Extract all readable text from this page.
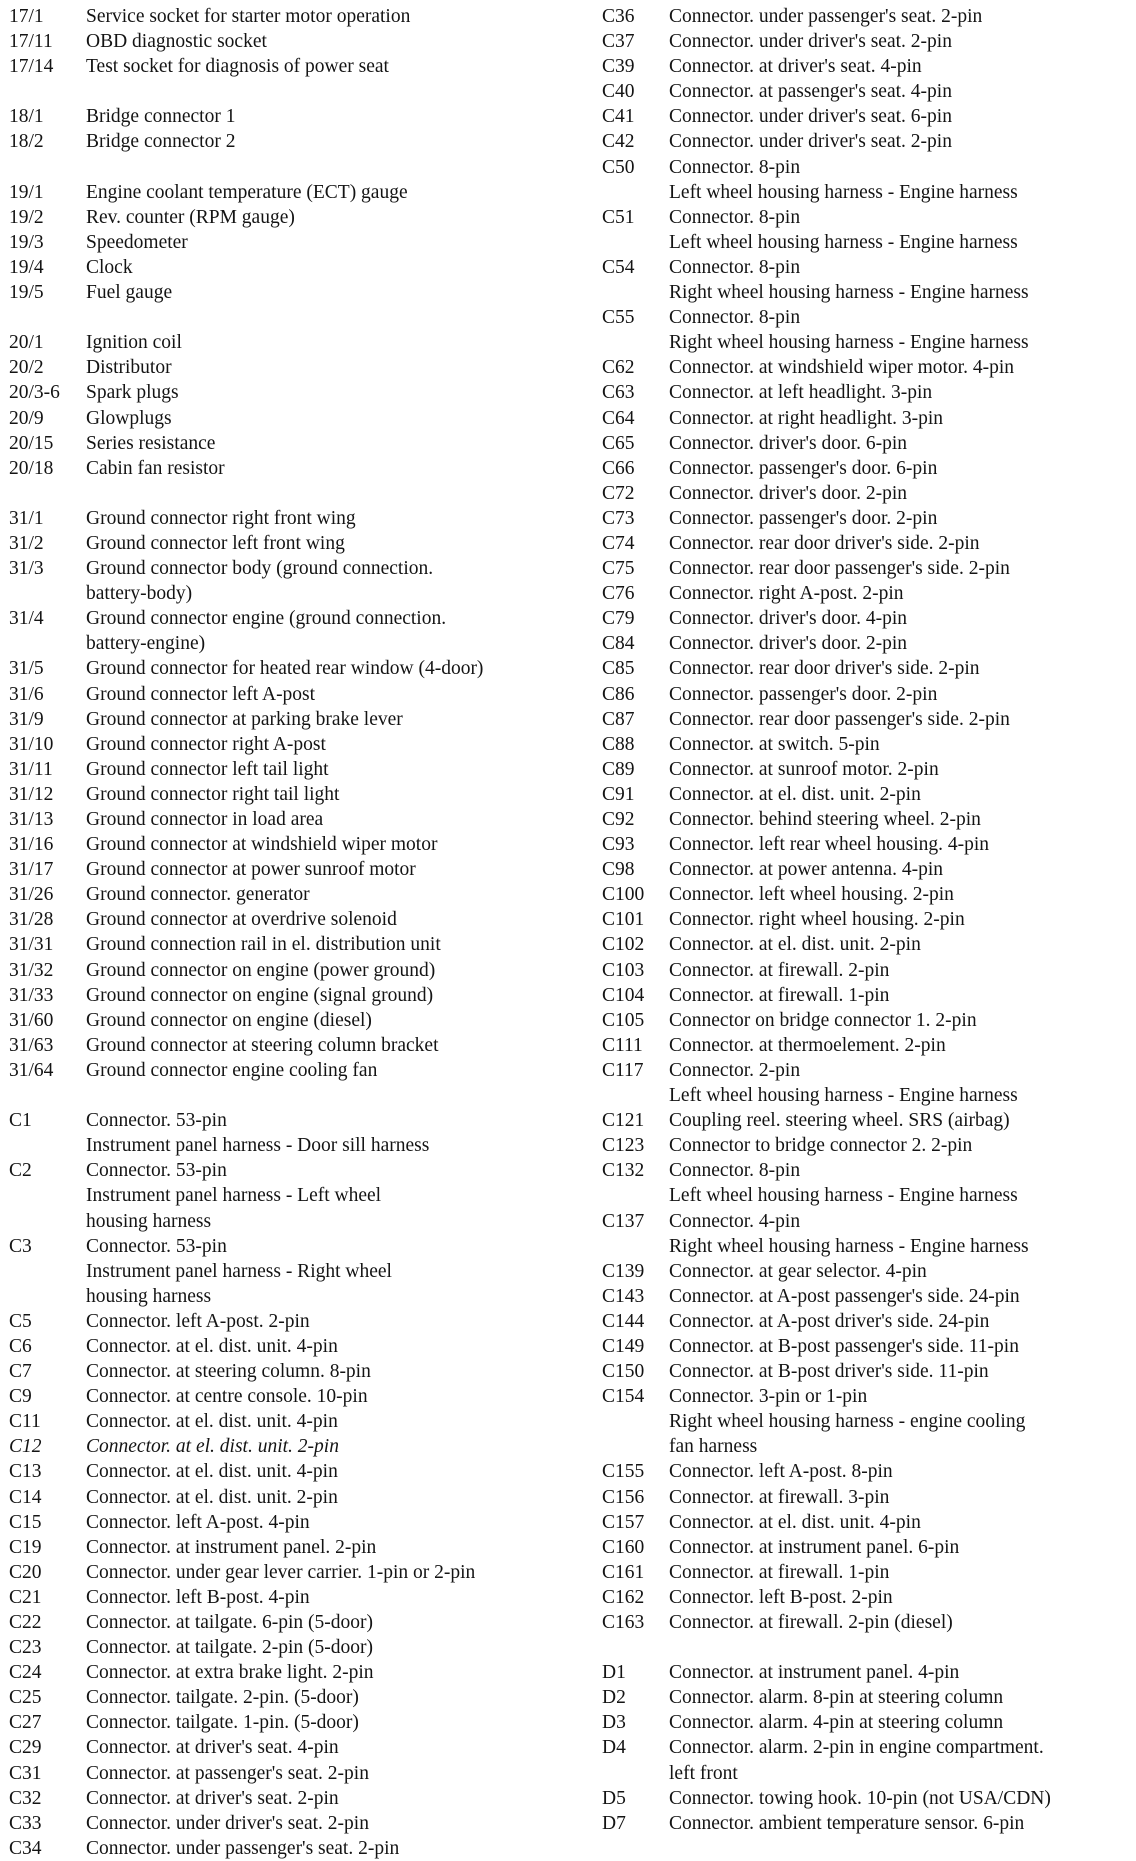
17/1 Service socket for starter motor operation
17/11 OBD diagnostic socket
17/14 Test socket for diagnosis of power seat
18/1 Bridge connector 1
18/2 Bridge connector 2
19/1 Engine coolant temperature (ECT) gauge
19/2 Rev. counter (RPM gauge)
19/3 Speedometer
19/4 Clock
19/5 Fuel gauge
20/1 Ignition coil
20/2 Distributor
20/3-6 Spark plugs
20/9 Glowplugs
20/15 Series resistance
20/18 Cabin fan resistor
31/1 Ground connector right front wing
31/2 Ground connector left front wing
31/3 Ground connector body (ground connection.
battery-body)
31/4 Ground connector engine (ground connection.
battery-engine)
31/5 Ground connector for heated rear window (4-door)
31/6 Ground connector left A-post
31/9 Ground connector at parking brake lever
31/10 Ground connector right A-post
31/11 Ground connector left tail light
31/12 Ground connector right tail light
31/13 Ground connector in load area
31/16 Ground connector at windshield wiper motor
31/17 Ground connector at power sunroof motor
31/26 Ground connector. generator
31/28 Ground connector at overdrive solenoid
31/31 Ground connection rail in el. distribution unit
31/32 Ground connector on engine (power ground)
31/33 Ground connector on engine (signal ground)
31/60 Ground connector on engine (diesel)
31/63 Ground connector at steering column bracket
31/64 Ground connector engine cooling fan
C1	Connector. 53-pin
Instrument panel harness - Door sill harness
C2	Connector. 53-pin
Instrument panel harness - Left wheel
housing harness
C3	Connector. 53-pin
Instrument panel harness - Right wheel
housing harness
C5	Connector. left A-post. 2-pin
C6	Connector. at el. dist. unit. 4-pin
C7	Connector. at steering column. 8-pin
C9	Connector. at centre console. 10-pin
C11 Connector. at el. dist. unit. 4-pin
C12 Connector. at el. dist. unit. 2-pin
C13 Connector. at el. dist. unit. 4-pin
C14 Connector. at el. dist. unit. 2-pin
C15 Connector. left A-post. 4-pin
C19 Connector. at instrument panel. 2-pin
C20 Connector. under gear lever carrier. 1-pin or 2-pin
C21 Connector. left B-post. 4-pin
C22 Connector. at tailgate. 6-pin (5-door)
C23 Connector. at tailgate. 2-pin (5-door)
C24 Connector. at extra brake light. 2-pin
C25 Connector. tailgate. 2-pin. (5-door)
C27 Connector. tailgate. 1-pin. (5-door)
C29 Connector. at driver's seat. 4-pin
C31 Connector. at passenger's seat. 2-pin
C32 Connector. at driver's seat. 2-pin
C33 Connector. under driver's seat. 2-pin
C34 Connector. under passenger's seat. 2-pin
C36 Connector. under passenger's seat. 2-pin
C37 Connector. under driver's seat. 2-pin
C39 Connector. at driver's seat. 4-pin
C40 Connector. at passenger's seat. 4-pin
C41 Connector. under driver's seat. 6-pin
C42 Connector. under driver's seat. 2-pin
C50 Connector. 8-pin
Left wheel housing harness - Engine harness
C51 Connector. 8-pin
Left wheel housing harness - Engine harness
C54 Connector. 8-pin
Right wheel housing harness - Engine harness
C55 Connector. 8-pin
Right wheel housing harness - Engine harness
C62 Connector. at windshield wiper motor. 4-pin
C63 Connector. at left headlight. 3-pin
C64 Connector. at right headlight. 3-pin
C65 Connector. driver's door. 6-pin
C66 Connector. passenger's door. 6-pin
C72 Connector. driver's door. 2-pin
C73 Connector. passenger's door. 2-pin
C74 Connector. rear door driver's side. 2-pin
C75 Connector. rear door passenger's side. 2-pin
C76 Connector. right A-post. 2-pin
C79 Connector. driver's door. 4-pin
C84 Connector. driver's door. 2-pin
C85 Connector. rear door driver's side. 2-pin
C86 Connector. passenger's door. 2-pin
C87 Connector. rear door passenger's side. 2-pin
C88 Connector. at switch. 5-pin
C89 Connector. at sunroof motor. 2-pin
C91 Connector. at el. dist. unit. 2-pin
C92 Connector. behind steering wheel. 2-pin
C93 Connector. left rear wheel housing. 4-pin
C98 Connector. at power antenna. 4-pin
C100 Connector. left wheel housing. 2-pin
C101 Connector. right wheel housing. 2-pin
C102 Connector. at el. dist. unit. 2-pin
C103 Connector. at firewall. 2-pin
C104 Connector. at firewall. 1-pin
C105 Connector on bridge connector 1. 2-pin
C111 Connector. at thermoelement. 2-pin
C117 Connector. 2-pin
Left wheel housing harness - Engine harness
C121 Coupling reel. steering wheel. SRS (airbag)
C123 Connector to bridge connector 2. 2-pin
C132 Connector. 8-pin
Left wheel housing harness - Engine harness
C137 Connector. 4-pin
Right wheel housing harness - Engine harness
C139 Connector. at gear selector. 4-pin
C143 Connector. at A-post passenger's side. 24-pin
C144 Connector. at A-post driver's side. 24-pin
C149 Connector. at B-post passenger's side. 11-pin
C150 Connector. at B-post driver's side. 11-pin
C154 Connector. 3-pin or 1-pin
Right wheel housing harness - engine cooling
fan harness
C155 Connector. left A-post. 8-pin
C156 Connector. at firewall. 3-pin
C157 Connector. at el. dist. unit. 4-pin
C160 Connector. at instrument panel. 6-pin
C161 Connector. at firewall. 1-pin
C162 Connector. left B-post. 2-pin
C163 Connector. at firewall. 2-pin (diesel)
D1 Connector. at instrument panel. 4-pin
D2 Connector. alarm. 8-pin at steering column
D3 Connector. alarm. 4-pin at steering column
D4 Connector. alarm. 2-pin in engine compartment.
left front
D5 Connector. towing hook. 10-pin (not USA/CDN)
D7 Connector. ambient temperature sensor. 6-pin
